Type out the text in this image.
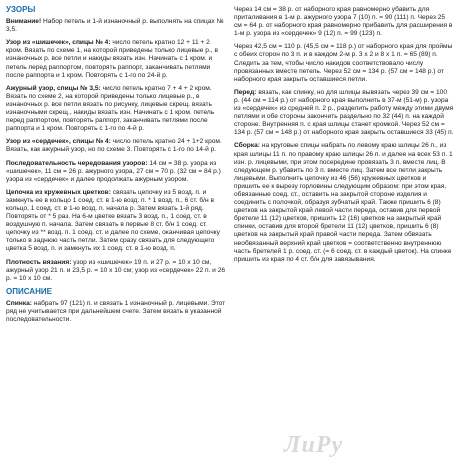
УЗОРЫ

Внимание! Набор петель и 1-й изнаночный р. выполнять на спицах № 3,5.

Узор из «шишечек», спицы № 4: число петель кратно 12 + 11 + 2 кром. Вязать по схеме 1, на которой приведены только лицевые р., в изнаночных р. все петли и накиды вязать изн. Начинать с 1 кром. и петель перед раппортом, повторять раппорт, заканчивать петлями после раппорта и 1 кром. Повторять с 1-го по 24-й р.

Ажурный узор, спицы № 3,5: число петель кратно 7 + 4 + 2 кром. Вязать по схеме 2, на которой приведены только лицевые р., в изнаночных р. все петли вязать по рисунку, лицевые скрещ. вязать изнаночными скрещ., накиды вязать изн. Начинать с 1 кром. петель перед раппортом, повторять раппорт, заканчивать петлями после раппорта и 1 кром. Повторять с 1-го по 4-й р.

Узор из «сердечек», спицы № 4: число петель кратно 24 + 1+2 кром. Вязать, как ажурный узор, но по схеме 3. Повторять с 1-го по 14-й р.

Последовательность чередования узоров: 14 см = 38 р. узора из «шишечек», 11 см = 26 р. ажурного узора, 27 см = 70 р. (32 см = 84 р.) узора из «сердечек» и далее продолжать ажурным узором.

Цепочка из кружевных цветков: связать цепочку из 5 возд. п. и замкнуть ее в кольцо 1 соед. ст. в 1-ю возд. п. * 1 возд. п., 6 ст. б/н в кольцо, 1 соед. ст. в 1-ю возд. п. начала р. Затем вязать 1-й ряд. Повторять от * 5 раз. На 6-м цветке вязать 3 возд. п., 1 соед. ст. в воздушную п. начала. Затем связать в первые 8 ст. б/н 1 соед. ст. цепочку из ** возд. п. 1 соед. ст. и далее по схеме, оканчивая цепочку только в заднюю часть петли. Затем сразу связать для следующего цветка 5 возд. п. и замкнуть их 1 соед. ст. в 1-ю возд. п.

Плотность вязания: узор из «шишечек» 19 п. и 27 р. = 10 х 10 см, ажурный узор 21 п. и 23,5 р. = 10 х 10 см; узор из «сердечек» 22 п. и 26 р. = 10 х 10 см.

ОПИСАНИЕ

Спинка: набрать 97 (121) п. и связать 1 изнаночный р. лицевыми. Этот ряд не учитывается при дальнейшем счете. Затем вязать в указанной последовательности.

Через 14 см = 38 р. от наборного края равномерно убавить для приталивания в 1-м р. ажурного узора 7 (10) п. = 90 (111) п. Через 25 см = 64 р. от наборного края равномерно прибавить для расширения в 1-м р. узора из «сердечек» 9 (12) п. = 99 (123) п.

Через 42,5 см = 110 р. (45,5 см = 118 р.) от наборного края для проймы с обеих сторон по 3 п. и в каждом 2-м р. 3 х 2 и 8 х 1 п. = 65 (89) п. Следить за тем, чтобы число накидов соответствовало числу провязанных вместе петель. Через 52 см = 134 р. (57 см = 148 р.) от наборного края закрыть оставшиеся петли.

Перед: вязать, как спинку, но для шлицы вывязать через 39 см = 100 р. (44 см = 114 р.) от наборного края выполнить в 37-м (51-м) р. узора из «сердечек» из средней п. 2 р., разделить работу между этими двумя петлями и обе стороны закончить раздельно по 32 (44) п. на каждой стороне. Внутренняя п. с края шлицы станет кромкой. Через 52 см = 134 р. (57 см = 148 р.) от наборного края закрыть оставшиеся 33 (45) п.

Сборка: на круговые спицы набрать по левому краю шлицы 26 п., из края шлицы 11 п. по правому краю шлицы 26 п. и далее на всех 53 п. 1 изн. р. лицевыми, при этом посередине провязать 3 п. вместе лиц. В следующем р. убавить по 3 п. вместе лиц. Затем все петли закрыть лицевыми. Выполнить цепочку из 46 (56) кружевных цветков и пришить ее к вырезу горловины следующим образом: при этом края, обвязанные соед. ст., оставить на закрытой стороне изделия и соединить с полочкой, образуя зубчатый край. Также пришить 6 (8) цветков на закрытой край левой части переда, оставив для первой бретели 11 (12) цветков, пришить 12 (16) цветков на закрытый край спинки, оставив для второй бретели 11 (12) цветков, пришить 6 (8) цветков на закрытый край правой части переда. Затем обвязать необвязанный верхний край цветков = соответственно внутреннюю часть бретелей 1 р. соед. ст. (= 6 соед. ст. в каждый цветок). На спинке пришить из края по 4 ст. б/н для завязывания.

ЛиРу
